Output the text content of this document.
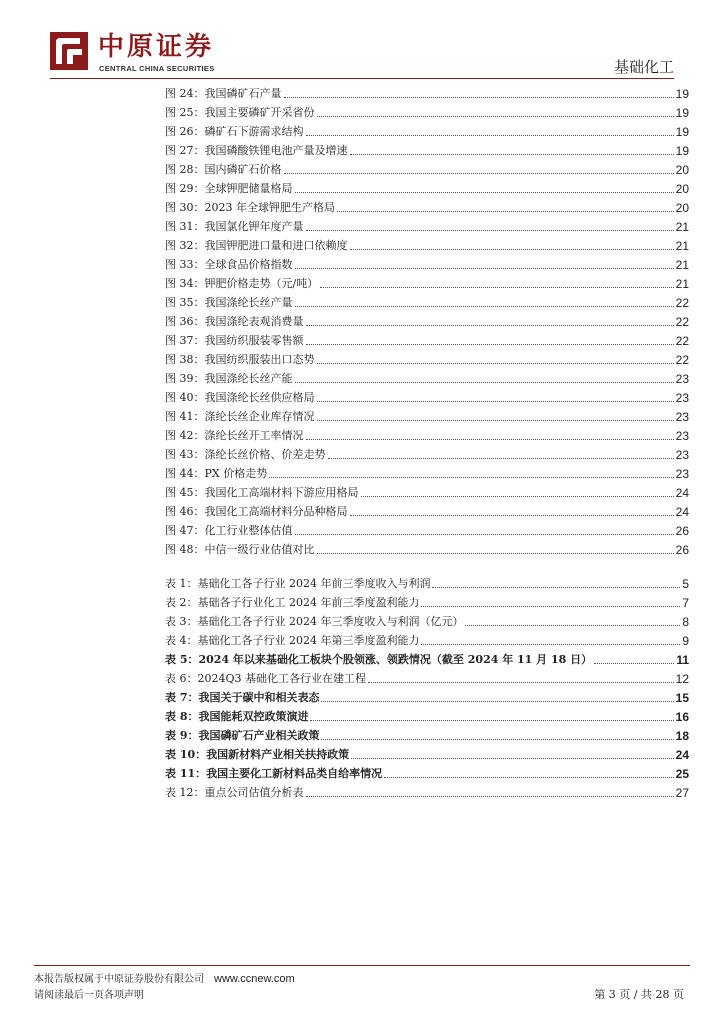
中原证券
CENTRAL CHINA SECURITIES	基础化工
图 24：我国磷矿石产量	19
图 25：我国主要磷矿开采省份	19
图 26：磷矿石下游需求结构	19
图 27：我国磷酸铁锂电池产量及增速	19
图 28：国内磷矿石价格	20
图 29：全球钾肥储量格局	20
图 30：2023 年全球钾肥生产格局	20
图 31：我国氯化钾年度产量	21
图 32：我国钾肥进口量和进口依赖度	21
图 33：全球食品价格指数	21
图 34：钾肥价格走势（元/吨）	21
图 35：我国涤纶长丝产量	22
图 36：我国涤纶表观消费量	22
图 37：我国纺织服装零售额	22
图 38：我国纺织服装出口态势	22
图 39：我国涤纶长丝产能	23
图 40：我国涤纶长丝供应格局	23
图 41：涤纶长丝企业库存情况	23
图 42：涤纶长丝开工率情况	23
图 43：涤纶长丝价格、价差走势	23
图 44：PX 价格走势	23
图 45：我国化工高端材料下游应用格局	24
图 46：我国化工高端材料分品种格局	24
图 47：化工行业整体估值	26
图 48：中信一级行业估值对比	26
表 1：基础化工各子行业 2024 年前三季度收入与利润	5
表 2：基础各子行业化工 2024 年前三季度盈利能力	7
表 3：基础化工各子行业 2024 年三季度收入与利润（亿元）	8
表 4：基础化工各子行业 2024 年第三季度盈利能力	9
表 5：2024 年以来基础化工板块个股领涨、领跌情况（截至 2024 年 11 月 18 日）	11
表 6：2024Q3 基础化工各行业在建工程	12
表 7：我国关于碳中和相关表态	15
表 8：我国能耗双控政策演进	16
表 9：我国磷矿石产业相关政策	18
表 10：我国新材料产业相关扶持政策	24
表 11：我国主要化工新材料品类自给率情况	25
表 12：重点公司估值分析表	27
本报告版权属于中原证券股份有限公司 www.ccnew.com
请阅读最后一页各项声明	第 3 页 / 共 28 页
